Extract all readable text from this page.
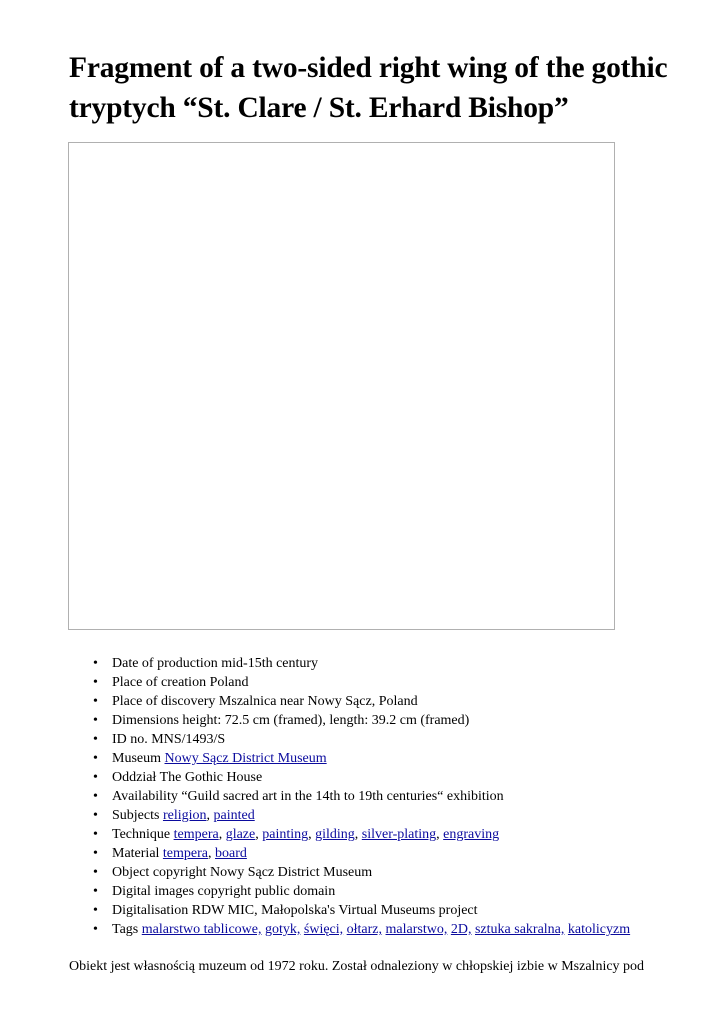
Fragment of a two-sided right wing of the gothic
tryptych “St. Clare / St. Erhard Bishop”
• Date of production mid-15th century
• Place of creation Poland
• Place of discovery Mszalnica near Nowy Sącz, Poland
• Dimensions height: 72.5 cm (framed), length: 39.2 cm (framed)
• ID no. MNS/1493/S
• Museum Nowy Sącz District Museum
• Oddział The Gothic House
• Availability “Guild sacred art in the 14th to 19th centuries“ exhibition
• Subjects religion, painted
• Technique tempera, glaze, painting, gilding, silver-plating, engraving
• Material tempera, board
• Object copyright Nowy Sącz District Museum
• Digital images copyright public domain
• Digitalisation RDW MIC, Małopolska's Virtual Museums project
• Tags malarstwo tablicowe, gotyk, święci, ołtarz, malarstwo, 2D, sztuka sakralna, katolicyzm

Obiekt jest własnością muzeum od 1972 roku. Został odnaleziony w chłopskiej izbie w Mszalnicy pod
